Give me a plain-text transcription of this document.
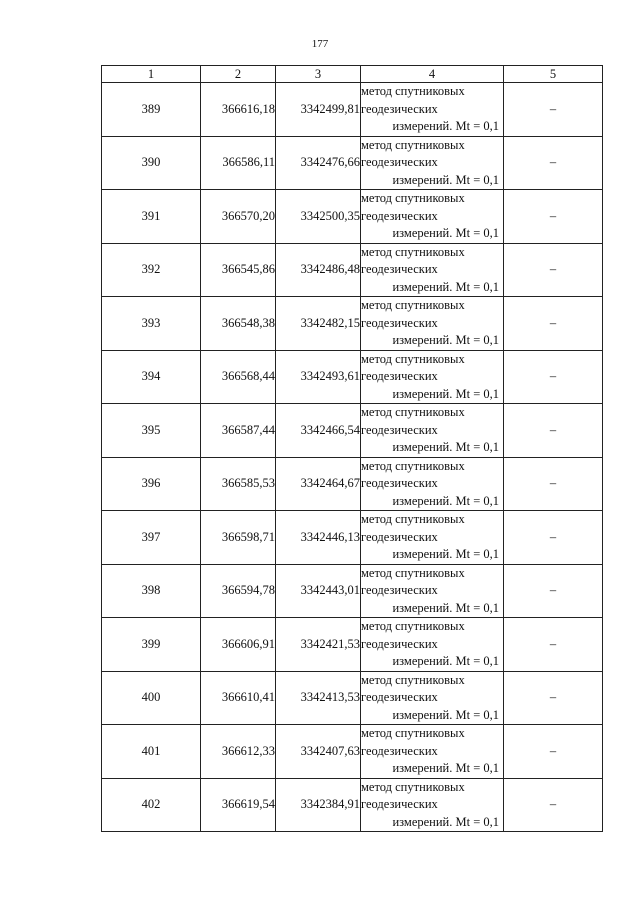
177
1	2	3	4	5
389	366616,18	3342499,81	метод спутниковых
геодезических
измерений. Mt = 0,1	–
390	366586,11	3342476,66	метод спутниковых
геодезических
измерений. Mt = 0,1	–
391	366570,20	3342500,35	метод спутниковых
геодезических
измерений. Mt = 0,1	–
392	366545,86	3342486,48	метод спутниковых
геодезических
измерений. Mt = 0,1	–
393	366548,38	3342482,15	метод спутниковых
геодезических
измерений. Mt = 0,1	–
394	366568,44	3342493,61	метод спутниковых
геодезических
измерений. Mt = 0,1	–
395	366587,44	3342466,54	метод спутниковых
геодезических
измерений. Mt = 0,1	–
396	366585,53	3342464,67	метод спутниковых
геодезических
измерений. Mt = 0,1	–
397	366598,71	3342446,13	метод спутниковых
геодезических
измерений. Mt = 0,1	–
398	366594,78	3342443,01	метод спутниковых
геодезических
измерений. Mt = 0,1	–
399	366606,91	3342421,53	метод спутниковых
геодезических
измерений. Mt = 0,1	–
400	366610,41	3342413,53	метод спутниковых
геодезических
измерений. Mt = 0,1	–
401	366612,33	3342407,63	метод спутниковых
геодезических
измерений. Mt = 0,1	–
402	366619,54	3342384,91	метод спутниковых
геодезических
измерений. Mt = 0,1	–
